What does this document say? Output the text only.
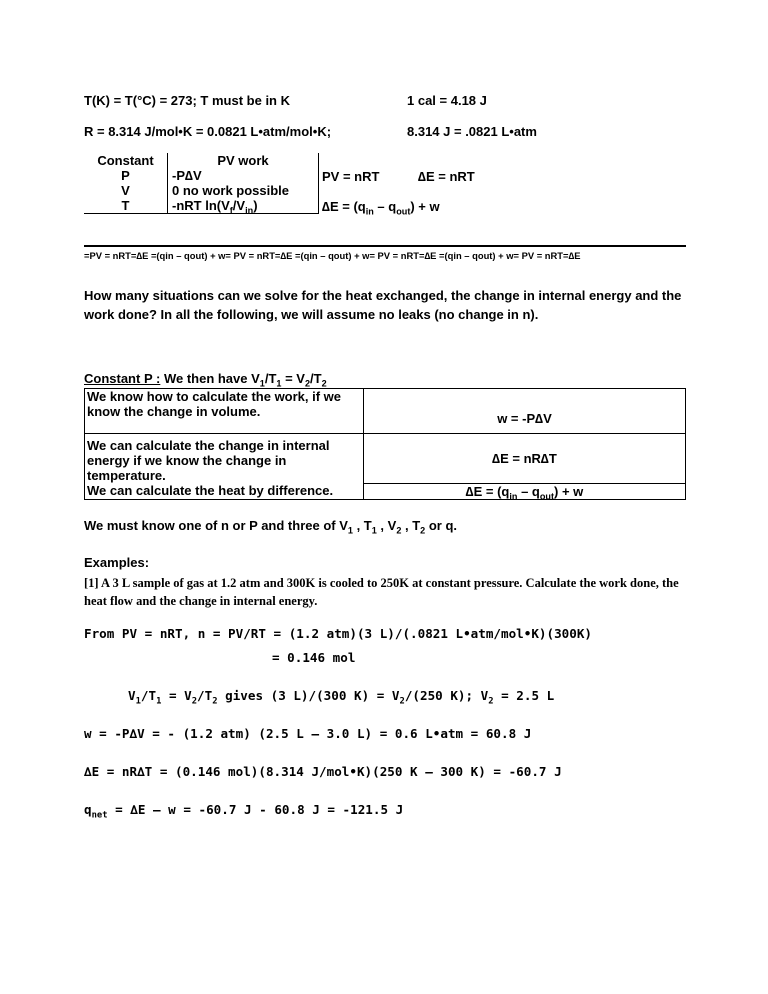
T(K) = T(°C) = 273; T must be in K	1 cal = 4.18 J
R = 8.314 J/mol•K = 0.0821 L•atm/mol•K;	8.314 J = .0821 L•atm
Constant	PV work
P	-P∆V
V	0 no work possible
T	-nRT $\ln(V_f/V_{in})$
PV = nRT	∆E = nRT
$\Delta E = (q_{in} - q_{out}) + w$
=PV = nRT=∆E =(qin – qout) + w= PV = nRT=∆E =(qin – qout) + w= PV = nRT=∆E =(qin – qout) + w= PV = nRT=∆E
How many situations can we solve for the heat exchanged, the change in internal energy and the work done? In all the following, we will assume no leaks (no change in n).
Constant P : We then have $V_1/T_1 = V_2/T_2$
We know how to calculate the work, if we know the change in volume.	w = -P∆V
We can calculate the change in internal energy if we know the change in temperature.	∆E = nR∆T
We can calculate the heat by difference.	$\Delta E = (q_{in} - q_{out}) + w$
We must know one of n or P and three of $V_1$ , $T_1$ , $V_2$ , $T_2$ or q.
Examples:
[1] A 3 L sample of gas at 1.2 atm and 300K is cooled to 250K at constant pressure. Calculate the work done, the heat flow and the change in internal energy.
From PV = nRT, n = PV/RT = (1.2 atm)(3 L)/(.0821 L•atm/mol•K)(300K)
= 0.146 mol
$V_1/T_1 = V_2/T_2$ gives (3 L)/(300 $K) = V_2/(250$ K); $V_2 = 2.5$ L
w = -P∆V = - (1.2 atm) (2.5 L – 3.0 L) = 0.6 L•atm = 60.8 J
∆E = nR∆T = (0.146 mol)(8.314 J/mol•K)(250 K – 300 K) = -60.7 J
$q_{net} = \Delta E - w = -60.7$ J - 60.8 J = -121.5 J
